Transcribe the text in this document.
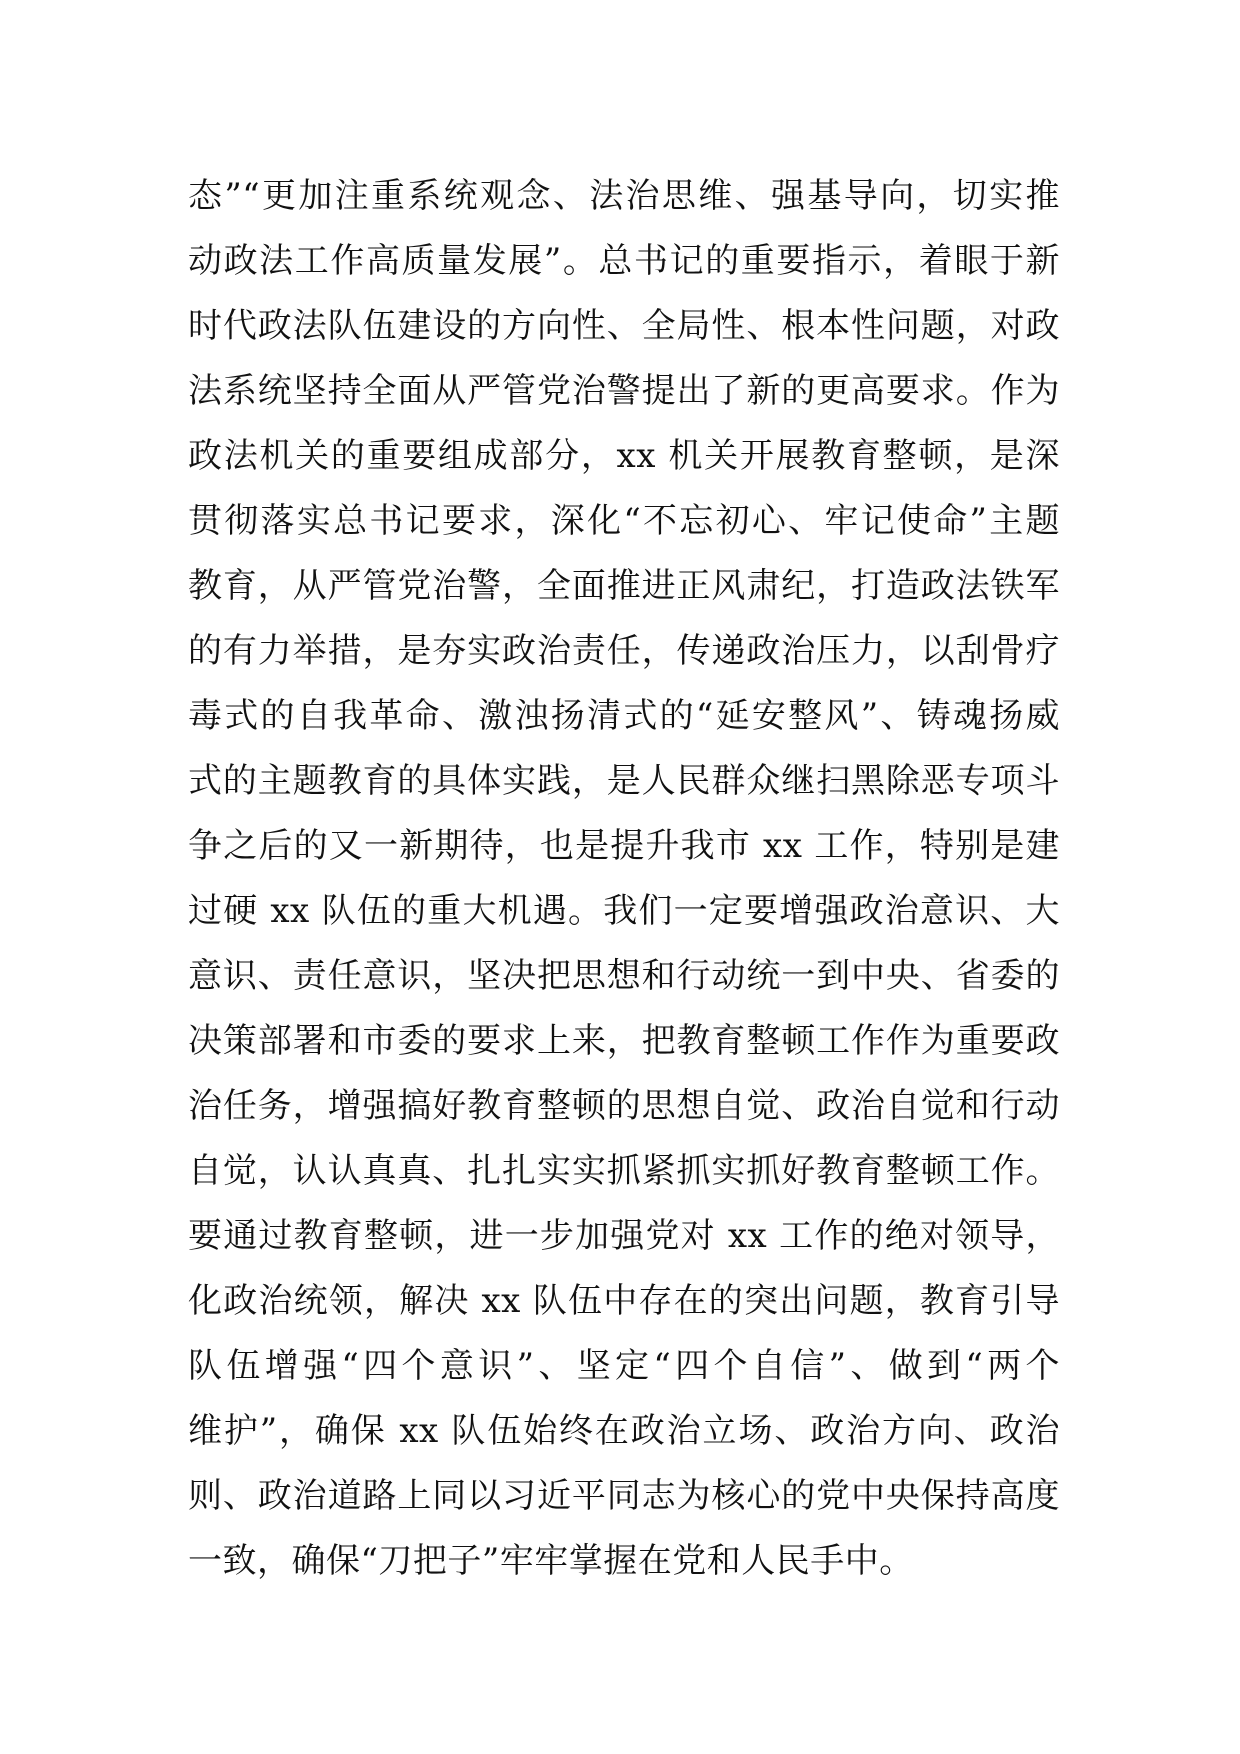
态”“更加注重系统观念、法治思维、强基导向，切实推
动政法工作高质量发展”。总书记的重要指示，着眼于新
时代政法队伍建设的方向性、全局性、根本性问题，对政
法系统坚持全面从严管党治警提出了新的更高要求。作为
政法机关的重要组成部分，xx 机关开展教育整顿，是深
贯彻落实总书记要求，深化“不忘初心、牢记使命”主题
教育，从严管党治警，全面推进正风肃纪，打造政法铁军
的有力举措，是夯实政治责任，传递政治压力，以刮骨疗
毒式的自我革命、激浊扬清式的“延安整风”、铸魂扬威
式的主题教育的具体实践，是人民群众继扫黑除恶专项斗
争之后的又一新期待，也是提升我市 xx 工作，特别是建
过硬 xx 队伍的重大机遇。我们一定要增强政治意识、大
意识、责任意识，坚决把思想和行动统一到中央、省委的
决策部署和市委的要求上来，把教育整顿工作作为重要政
治任务，增强搞好教育整顿的思想自觉、政治自觉和行动
自觉，认认真真、扎扎实实抓紧抓实抓好教育整顿工作。
要通过教育整顿，进一步加强党对 xx 工作的绝对领导，
化政治统领，解决 xx 队伍中存在的突出问题，教育引导
队伍增强“四个意识”、坚定“四个自信”、做到“两个
维护”，确保 xx 队伍始终在政治立场、政治方向、政治
则、政治道路上同以习近平同志为核心的党中央保持高度
一致，确保“刀把子”牢牢掌握在党和人民手中。
